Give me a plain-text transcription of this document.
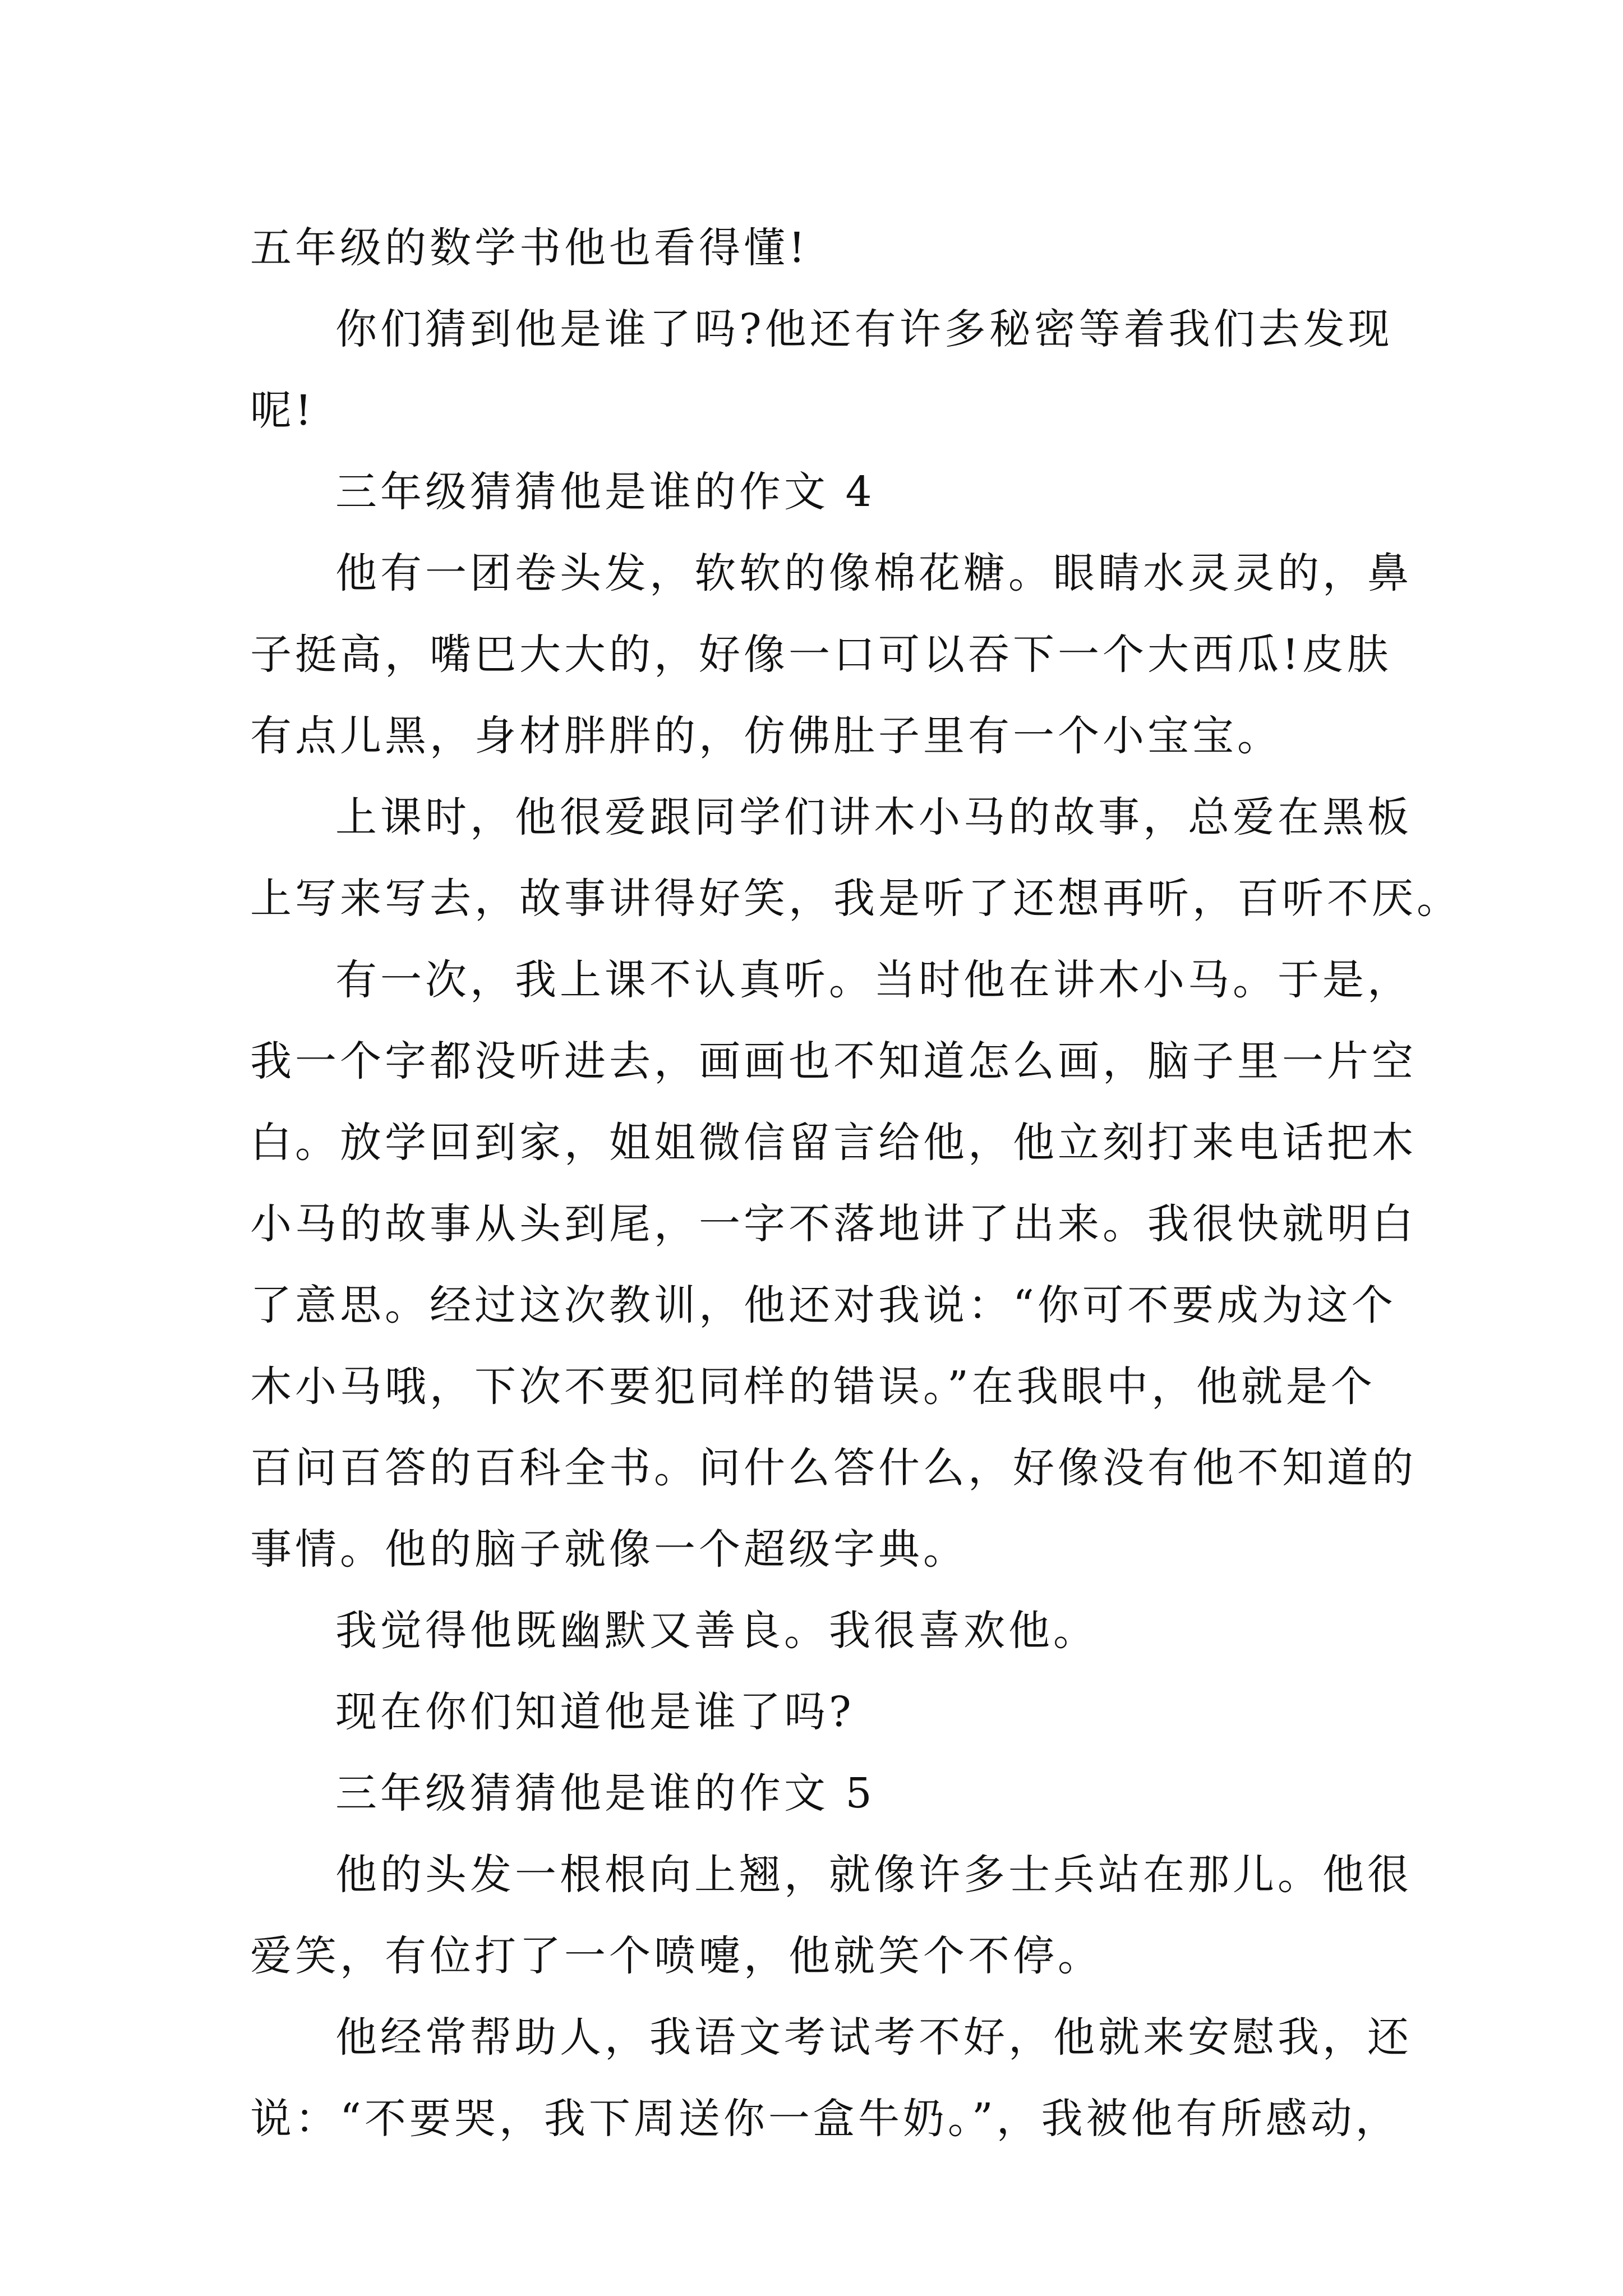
五年级的数学书他也看得懂!

你们猜到他是谁了吗?他还有许多秘密等着我们去发现

呢!

三年级猜猜他是谁的作文 4

他有一团卷头发，软软的像棉花糖。眼睛水灵灵的，鼻

子挺高，嘴巴大大的，好像一口可以吞下一个大西瓜!皮肤

有点儿黑，身材胖胖的，仿佛肚子里有一个小宝宝。

上课时，他很爱跟同学们讲木小马的故事，总爱在黑板

上写来写去，故事讲得好笑，我是听了还想再听，百听不厌。

有一次，我上课不认真听。当时他在讲木小马。于是，

我一个字都没听进去，画画也不知道怎么画，脑子里一片空

白。放学回到家，姐姐微信留言给他，他立刻打来电话把木

小马的故事从头到尾，一字不落地讲了出来。我很快就明白

了意思。经过这次教训，他还对我说：“你可不要成为这个

木小马哦，下次不要犯同样的错误。”在我眼中，他就是个

百问百答的百科全书。问什么答什么，好像没有他不知道的

事情。他的脑子就像一个超级字典。

我觉得他既幽默又善良。我很喜欢他。

现在你们知道他是谁了吗?

三年级猜猜他是谁的作文 5

他的头发一根根向上翘，就像许多士兵站在那儿。他很

爱笑，有位打了一个喷嚏，他就笑个不停。

他经常帮助人，我语文考试考不好，他就来安慰我，还

说：“不要哭，我下周送你一盒牛奶。”，我被他有所感动，
